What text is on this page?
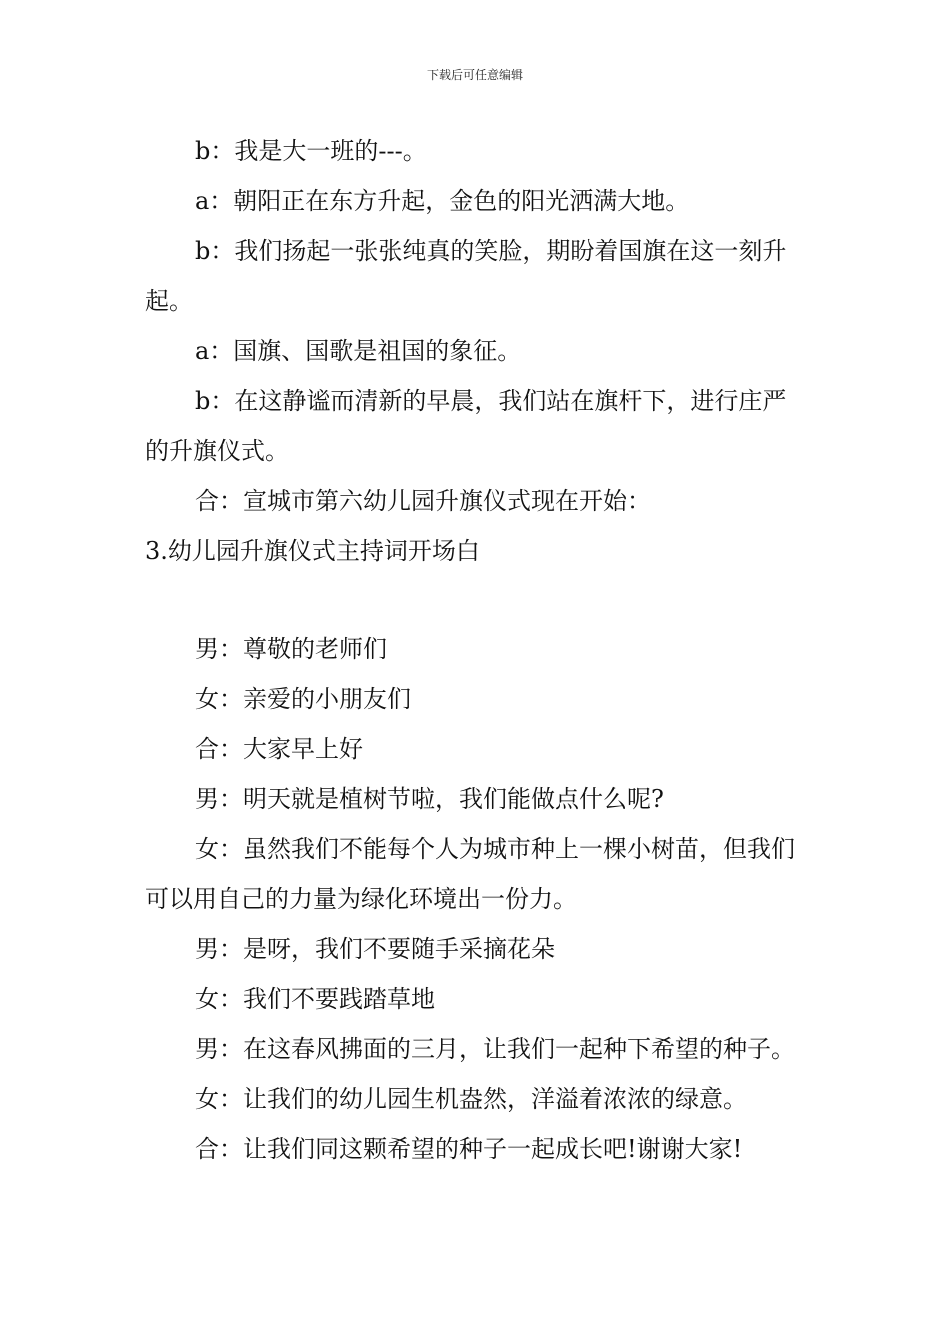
下载后可任意编辑

b：我是大一班的---。

a：朝阳正在东方升起，金色的阳光洒满大地。

b：我们扬起一张张纯真的笑脸，期盼着国旗在这一刻升起。

a：国旗、国歌是祖国的象征。

b：在这静谧而清新的早晨，我们站在旗杆下，进行庄严的升旗仪式。

合：宣城市第六幼儿园升旗仪式现在开始：

3.幼儿园升旗仪式主持词开场白

男：尊敬的老师们

女：亲爱的小朋友们

合：大家早上好

男：明天就是植树节啦，我们能做点什么呢?

女：虽然我们不能每个人为城市种上一棵小树苗，但我们可以用自己的力量为绿化环境出一份力。

男：是呀，我们不要随手采摘花朵

女：我们不要践踏草地

男：在这春风拂面的三月，让我们一起种下希望的种子。

女：让我们的幼儿园生机盎然，洋溢着浓浓的绿意。

合：让我们同这颗希望的种子一起成长吧!谢谢大家!
